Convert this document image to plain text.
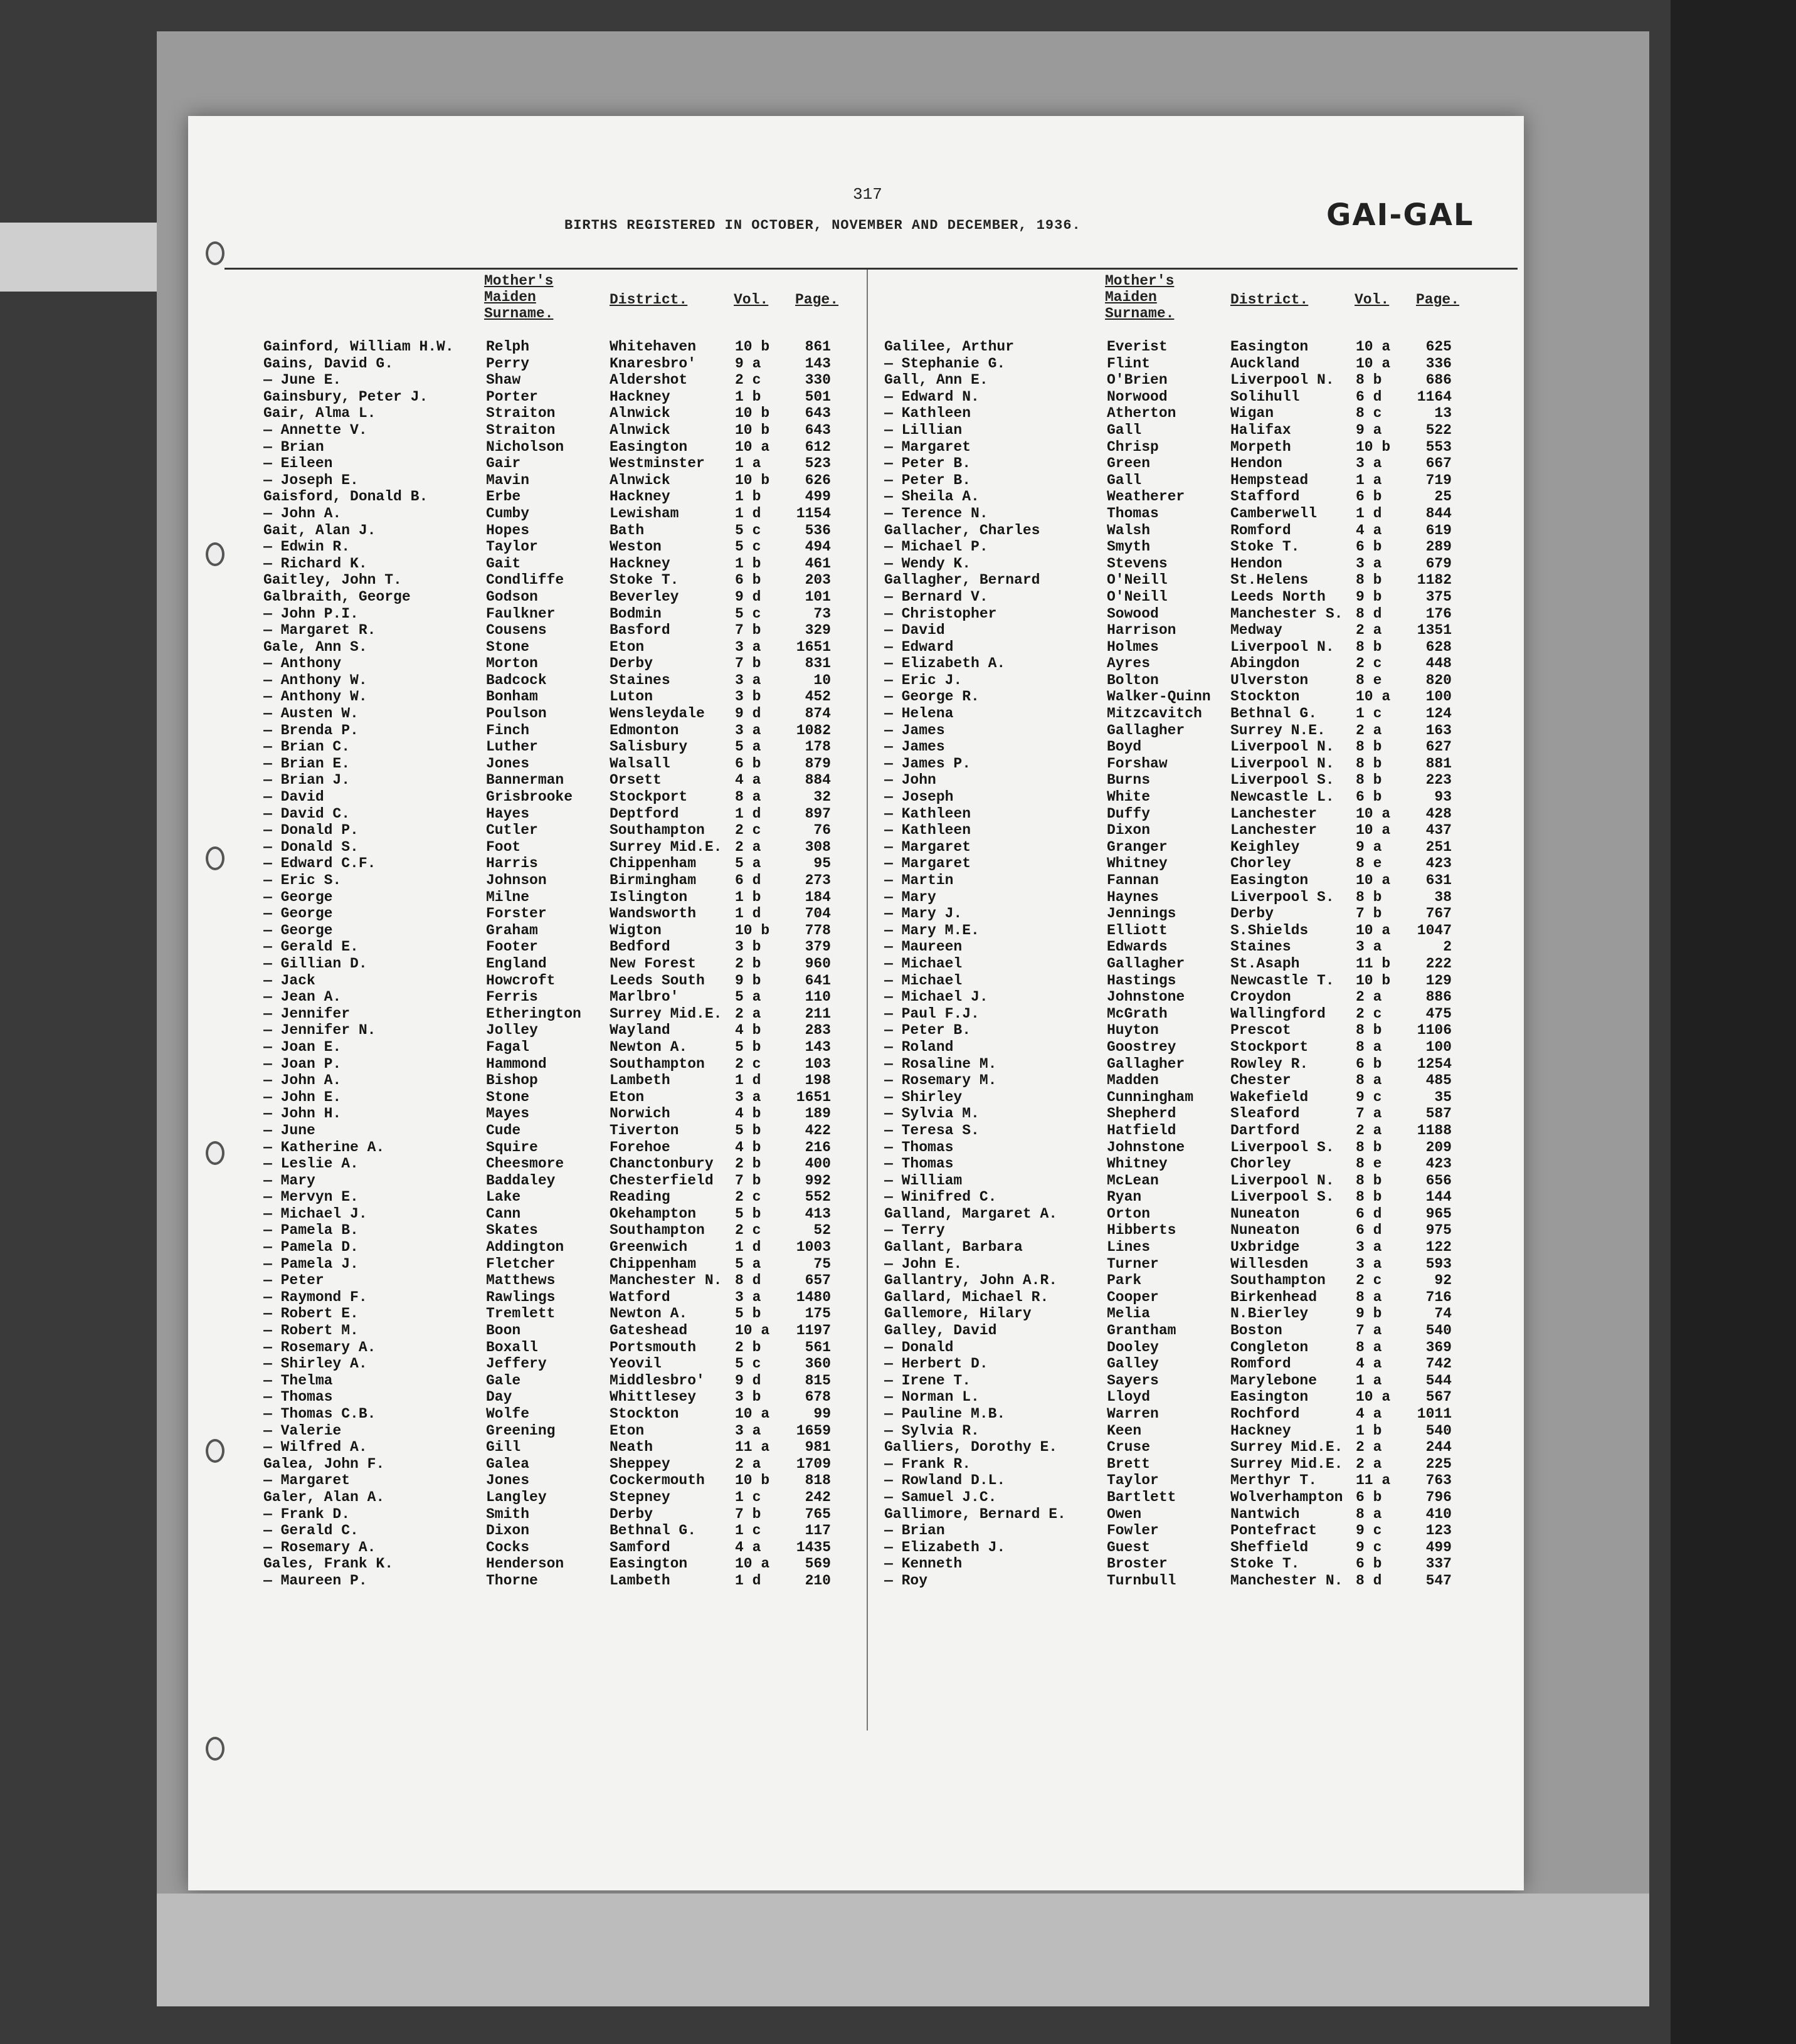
317
BIRTHS REGISTERED IN OCTOBER, NOVEMBER AND DECEMBER, 1936.	GAI-GAL
Mother's Maiden Surname.
District.	Vol. Page.
Gainford, William H.W.	Relph	Whitehaven	10 b	861
Gains, David G.	Perry	Knaresbro'	9 a	143
— June E.	Shaw	Aldershot	2 c	330
Gainsbury, Peter J.	Porter	Hackney	1 b	501
Gair, Alma L.	Straiton	Alnwick	10 b	643
— Annette V.	Straiton	Alnwick	10 b	643
— Brian	Nicholson	Easington	10 a	612
— Eileen	Gair	Westminster	1 a	523
— Joseph E.	Mavin	Alnwick	10 b	626
Gaisford, Donald B.	Erbe	Hackney	1 b	499
— John A.	Cumby	Lewisham	1 d	1154
Gait, Alan J.	Hopes	Bath	5 c	536
— Edwin R.	Taylor	Weston	5 c	494
— Richard K.	Gait	Hackney	1 b	461
Gaitley, John T.	Condliffe	Stoke T.	6 b	203
Galbraith, George	Godson	Beverley	9 d	101
— John P.I.	Faulkner	Bodmin	5 c	73
— Margaret R.	Cousens	Basford	7 b	329
Gale, Ann S.	Stone	Eton	3 a	1651
— Anthony	Morton	Derby	7 b	831
— Anthony W.	Badcock	Staines	3 a	10
— Anthony W.	Bonham	Luton	3 b	452
— Austen W.	Poulson	Wensleydale	9 d	874
— Brenda P.	Finch	Edmonton	3 a	1082
— Brian C.	Luther	Salisbury	5 a	178
— Brian E.	Jones	Walsall	6 b	879
— Brian J.	Bannerman	Orsett	4 a	884
— David	Grisbrooke	Stockport	8 a	32
— David C.	Hayes	Deptford	1 d	897
— Donald P.	Cutler	Southampton	2 c	76
— Donald S.	Foot	Surrey Mid.E. 2 a	308
— Edward C.F.	Harris	Chippenham	5 a	95
— Eric S.	Johnson	Birmingham	6 d	273
— George	Milne	Islington	1 b	184
— George	Forster	Wandsworth	1 d	704
— George	Graham	Wigton	10 b	778
— Gerald E.	Footer	Bedford	3 b	379
— Gillian D.	England	New Forest	2 b	960
— Jack	Howcroft	Leeds South	9 b	641
— Jean A.	Ferris	Marlbro'	5 a	110
— Jennifer	Etherington	Surrey Mid.E. 2 a	211
— Jennifer N.	Jolley	Wayland	4 b	283
— Joan E.	Fagal	Newton A.	5 b	143
— Joan P.	Hammond	Southampton	2 c	103
— John A.	Bishop	Lambeth	1 d	198
— John E.	Stone	Eton	3 a	1651
— John H.	Mayes	Norwich	4 b	189
— June	Cude	Tiverton	5 b	422
— Katherine A.	Squire	Forehoe	4 b	216
— Leslie A.	Cheesmore	Chanctonbury	2 b	400
— Mary	Baddaley	Chesterfield	7 b	992
— Mervyn E.	Lake	Reading	2 c	552
— Michael J.	Cann	Okehampton	5 b	413
— Pamela B.	Skates	Southampton	2 c	52
— Pamela D.	Addington	Greenwich	1 d	1003
— Pamela J.	Fletcher	Chippenham	5 a	75
— Peter	Matthews	Manchester N. 8 d	657
— Raymond F.	Rawlings	Watford	3 a	1480
— Robert E.	Tremlett	Newton A.	5 b	175
— Robert M.	Boon	Gateshead	10 a	1197
— Rosemary A.	Boxall	Portsmouth	2 b	561
— Shirley A.	Jeffery	Yeovil	5 c	360
— Thelma	Gale	Middlesbro'	9 d	815
— Thomas	Day	Whittlesey	3 b	678
— Thomas C.B.	Wolfe	Stockton	10 a	99
— Valerie	Greening	Eton	3 a	1659
— Wilfred A.	Gill	Neath	11 a	981
Galea, John F.	Galea	Sheppey	2 a	1709
— Margaret	Jones	Cockermouth	10 b	818
Galer, Alan A.	Langley	Stepney	1 c	242
— Frank D.	Smith	Derby	7 b	765
— Gerald C.	Dixon	Bethnal G.	1 c	117
— Rosemary A.	Cocks	Samford	4 a	1435
Gales, Frank K.	Henderson	Easington	10 a	569
— Maureen P.	Thorne	Lambeth	1 d	210
Mother's Maiden Surname.
District.	Vol. Page.
Galilee, Arthur	Everist	Easington	10 a	625
— Stephanie G.	Flint	Auckland	10 a	336
Gall, Ann E.	O'Brien	Liverpool N.	8 b	686
— Edward N.	Norwood	Solihull	6 d	1164
— Kathleen	Atherton	Wigan	8 c	13
— Lillian	Gall	Halifax	9 a	522
— Margaret	Chrisp	Morpeth	10 b	553
— Peter B.	Green	Hendon	3 a	667
— Peter B.	Gall	Hempstead	1 a	719
— Sheila A.	Weatherer	Stafford	6 b	25
— Terence N.	Thomas	Camberwell	1 d	844
Gallacher, Charles	Walsh	Romford	4 a	619
— Michael P.	Smyth	Stoke T.	6 b	289
— Wendy K.	Stevens	Hendon	3 a	679
Gallagher, Bernard	O'Neill	St.Helens	8 b	1182
— Bernard V.	O'Neill	Leeds North	9 b	375
— Christopher	Sowood	Manchester S. 8 d	176
— David	Harrison	Medway	2 a	1351
— Edward	Holmes	Liverpool N.	8 b	628
— Elizabeth A.	Ayres	Abingdon	2 c	448
— Eric J.	Bolton	Ulverston	8 e	820
— George R.	Walker-Quinn	Stockton	10 a	100
— Helena	Mitzcavitch	Bethnal G.	1 c	124
— James	Gallagher	Surrey N.E.	2 a	163
— James	Boyd	Liverpool N.	8 b	627
— James P.	Forshaw	Liverpool N.	8 b	881
— John	Burns	Liverpool S.	8 b	223
— Joseph	White	Newcastle L.	6 b	93
— Kathleen	Duffy	Lanchester	10 a	428
— Kathleen	Dixon	Lanchester	10 a	437
— Margaret	Granger	Keighley	9 a	251
— Margaret	Whitney	Chorley	8 e	423
— Martin	Fannan	Easington	10 a	631
— Mary	Haynes	Liverpool S.	8 b	38
— Mary J.	Jennings	Derby	7 b	767
— Mary M.E.	Elliott	S.Shields	10 a	1047
— Maureen	Edwards	Staines	3 a	2
— Michael	Gallagher	St.Asaph	11 b	222
— Michael	Hastings	Newcastle T.	10 b	129
— Michael J.	Johnstone	Croydon	2 a	886
— Paul F.J.	McGrath	Wallingford	2 c	475
— Peter B.	Huyton	Prescot	8 b	1106
— Roland	Goostrey	Stockport	8 a	100
— Rosaline M.	Gallagher	Rowley R.	6 b	1254
— Rosemary M.	Madden	Chester	8 a	485
— Shirley	Cunningham	Wakefield	9 c	35
— Sylvia M.	Shepherd	Sleaford	7 a	587
— Teresa S.	Hatfield	Dartford	2 a	1188
— Thomas	Johnstone	Liverpool S.	8 b	209
— Thomas	Whitney	Chorley	8 e	423
— William	McLean	Liverpool N.	8 b	656
— Winifred C.	Ryan	Liverpool S.	8 b	144
Galland, Margaret A.	Orton	Nuneaton	6 d	965
— Terry	Hibberts	Nuneaton	6 d	975
Gallant, Barbara	Lines	Uxbridge	3 a	122
— John E.	Turner	Willesden	3 a	593
Gallantry, John A.R.	Park	Southampton	2 c	92
Gallard, Michael R.	Cooper	Birkenhead	8 a	716
Gallemore, Hilary	Melia	N.Bierley	9 b	74
Galley, David	Grantham	Boston	7 a	540
— Donald	Dooley	Congleton	8 a	369
— Herbert D.	Galley	Romford	4 a	742
— Irene T.	Sayers	Marylebone	1 a	544
— Norman L.	Lloyd	Easington	10 a	567
— Pauline M.B.	Warren	Rochford	4 a	1011
— Sylvia R.	Keen	Hackney	1 b	540
Galliers, Dorothy E.	Cruse	Surrey Mid.E. 2 a	244
— Frank R.	Brett	Surrey Mid.E. 2 a	225
— Rowland D.L.	Taylor	Merthyr T.	11 a	763
— Samuel J.C.	Bartlett	Wolverhampton 6 b	796
Gallimore, Bernard E.	Owen	Nantwich	8 a	410
— Brian	Fowler	Pontefract	9 c	123
— Elizabeth J.	Guest	Sheffield	9 c	499
— Kenneth	Broster	Stoke T.	6 b	337
— Roy	Turnbull	Manchester N. 8 d	547
